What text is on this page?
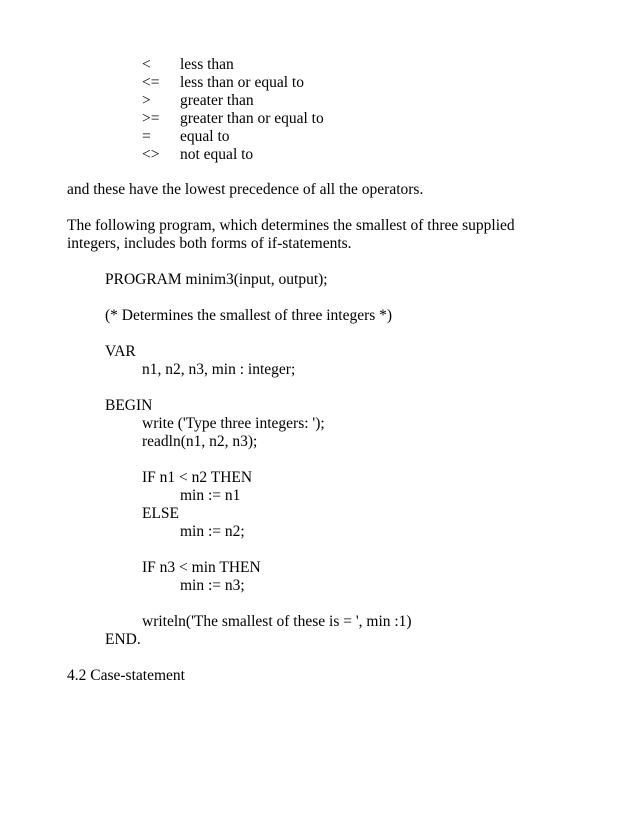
< less than
<= less than or equal to
> greater than
>= greater than or equal to
= equal to
<> not equal to
and these have the lowest precedence of all the operators.
The following program, which determines the smallest of three supplied
integers, includes both forms of if-statements.
PROGRAM minim3(input, output);
(* Determines the smallest of three integers *)
VAR
n1, n2, n3, min : integer;
BEGIN
write ('Type three integers: ');
readln(n1, n2, n3);
IF n1 < n2 THEN
min := n1
ELSE
min := n2;
IF n3 < min THEN
min := n3;
writeln('The smallest of these is = ', min :1)
END.
4.2 Case-statement
